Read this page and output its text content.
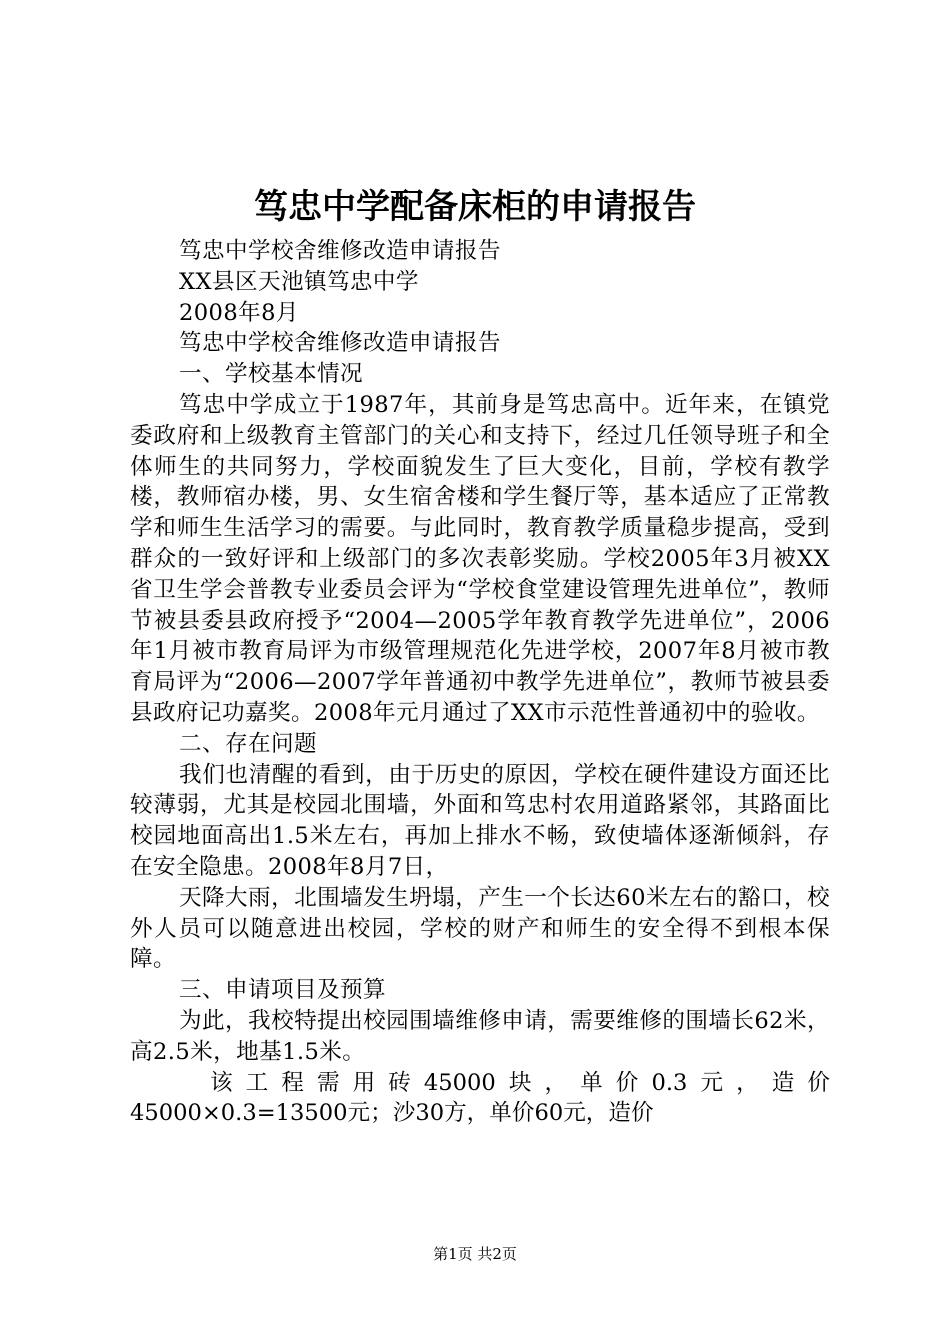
笃忠中学配备床柜的申请报告

笃忠中学校舍维修改造申请报告

XX县区天池镇笃忠中学

2008年8月

笃忠中学校舍维修改造申请报告

一、学校基本情况

笃忠中学成立于1987年，其前身是笃忠高中。近年来，在镇党委政府和上级教育主管部门的关心和支持下，经过几任领导班子和全体师生的共同努力，学校面貌发生了巨大变化，目前，学校有教学楼，教师宿办楼，男、女生宿舍楼和学生餐厅等，基本适应了正常教学和师生生活学习的需要。与此同时，教育教学质量稳步提高，受到群众的一致好评和上级部门的多次表彰奖励。学校2005年3月被XX省卫生学会普教专业委员会评为“学校食堂建设管理先进单位”，教师节被县委县政府授予“2004—2005学年教育教学先进单位”，2006年1月被市教育局评为市级管理规范化先进学校，2007年8月被市教育局评为“2006—2007学年普通初中教学先进单位”，教师节被县委县政府记功嘉奖。2008年元月通过了XX市示范性普通初中的验收。

二、存在问题

我们也清醒的看到，由于历史的原因，学校在硬件建设方面还比较薄弱，尤其是校园北围墙，外面和笃忠村农用道路紧邻，其路面比校园地面高出1.5米左右，再加上排水不畅，致使墙体逐渐倾斜，存在安全隐患。2008年8月7日，

天降大雨，北围墙发生坍塌，产生一个长达60米左右的豁口，校外人员可以随意进出校园，学校的财产和师生的安全得不到根本保障。

三、申请项目及预算

为此，我校特提出校园围墙维修申请，需要维修的围墙长62米，高2.5米，地基1.5米。

该工程需用砖45000块，单价0.3元，造价45000×0.3=13500元；沙30方，单价60元，造价

第1页 共2页
